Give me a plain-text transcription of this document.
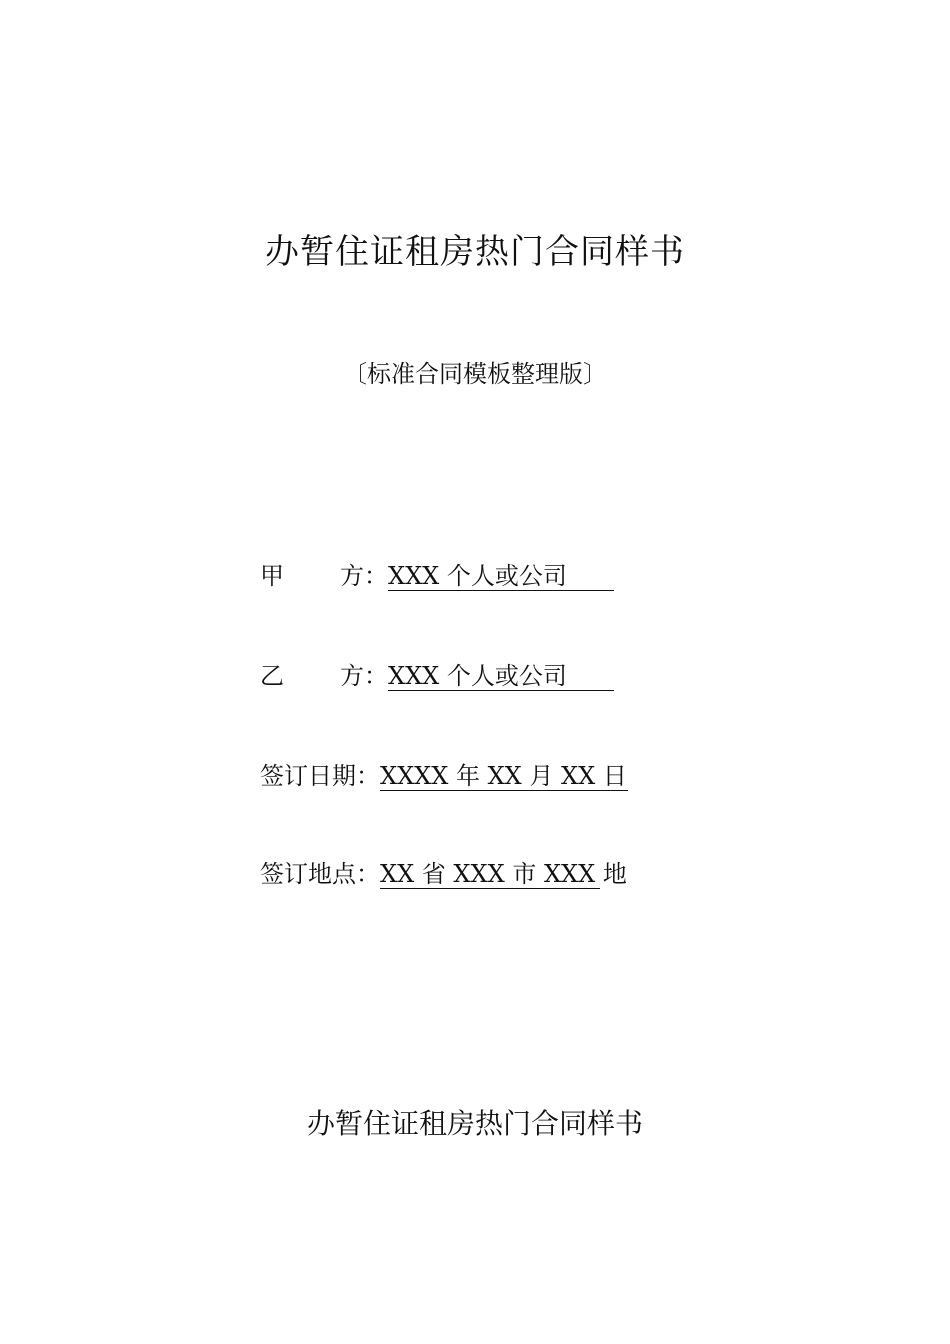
办暂住证租房热门合同样书
〔标准合同模板整理版〕
甲 方： XXX 个人或公司
乙 方： XXX 个人或公司
签订日期：XXXX 年 XX 月 XX 日
签订地点：XX 省 XXX 市 XXX 地
办暂住证租房热门合同样书
